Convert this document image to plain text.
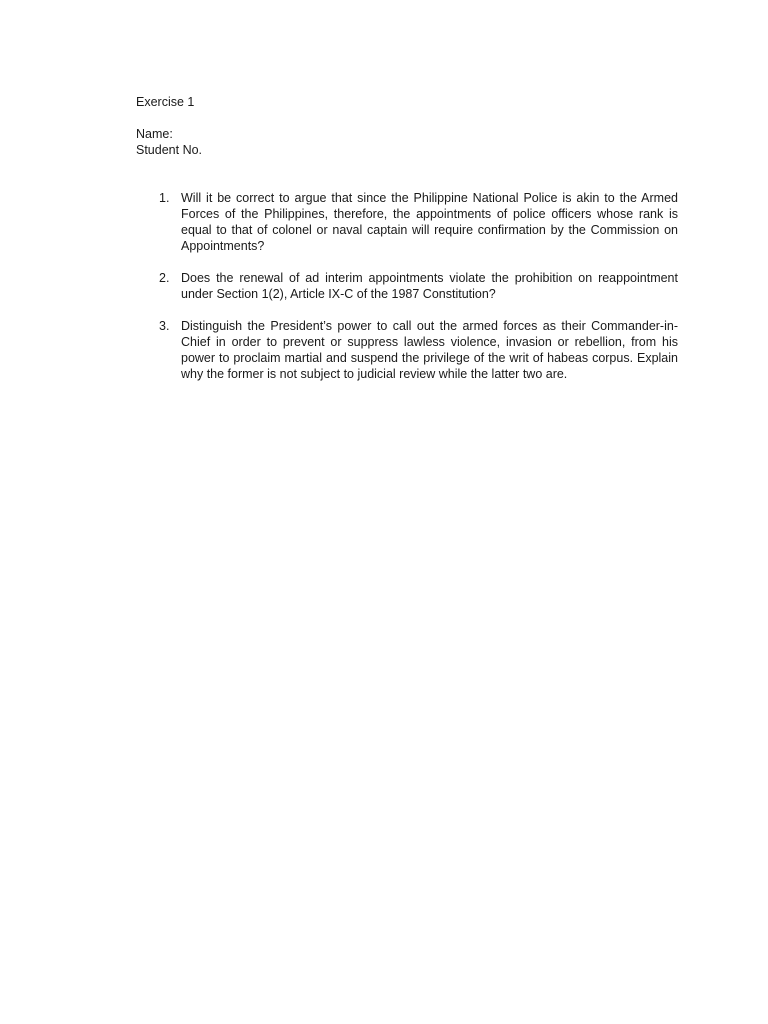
Exercise 1
Name:
Student No.
1. Will it be correct to argue that since the Philippine National Police is akin to the Armed Forces of the Philippines, therefore, the appointments of police officers whose rank is equal to that of colonel or naval captain will require confirmation by the Commission on Appointments?
2. Does the renewal of ad interim appointments violate the prohibition on reappointment under Section 1(2), Article IX-C of the 1987 Constitution?
3. Distinguish the President’s power to call out the armed forces as their Commander-in-Chief in order to prevent or suppress lawless violence, invasion or rebellion, from his power to proclaim martial and suspend the privilege of the writ of habeas corpus. Explain why the former is not subject to judicial review while the latter two are.
